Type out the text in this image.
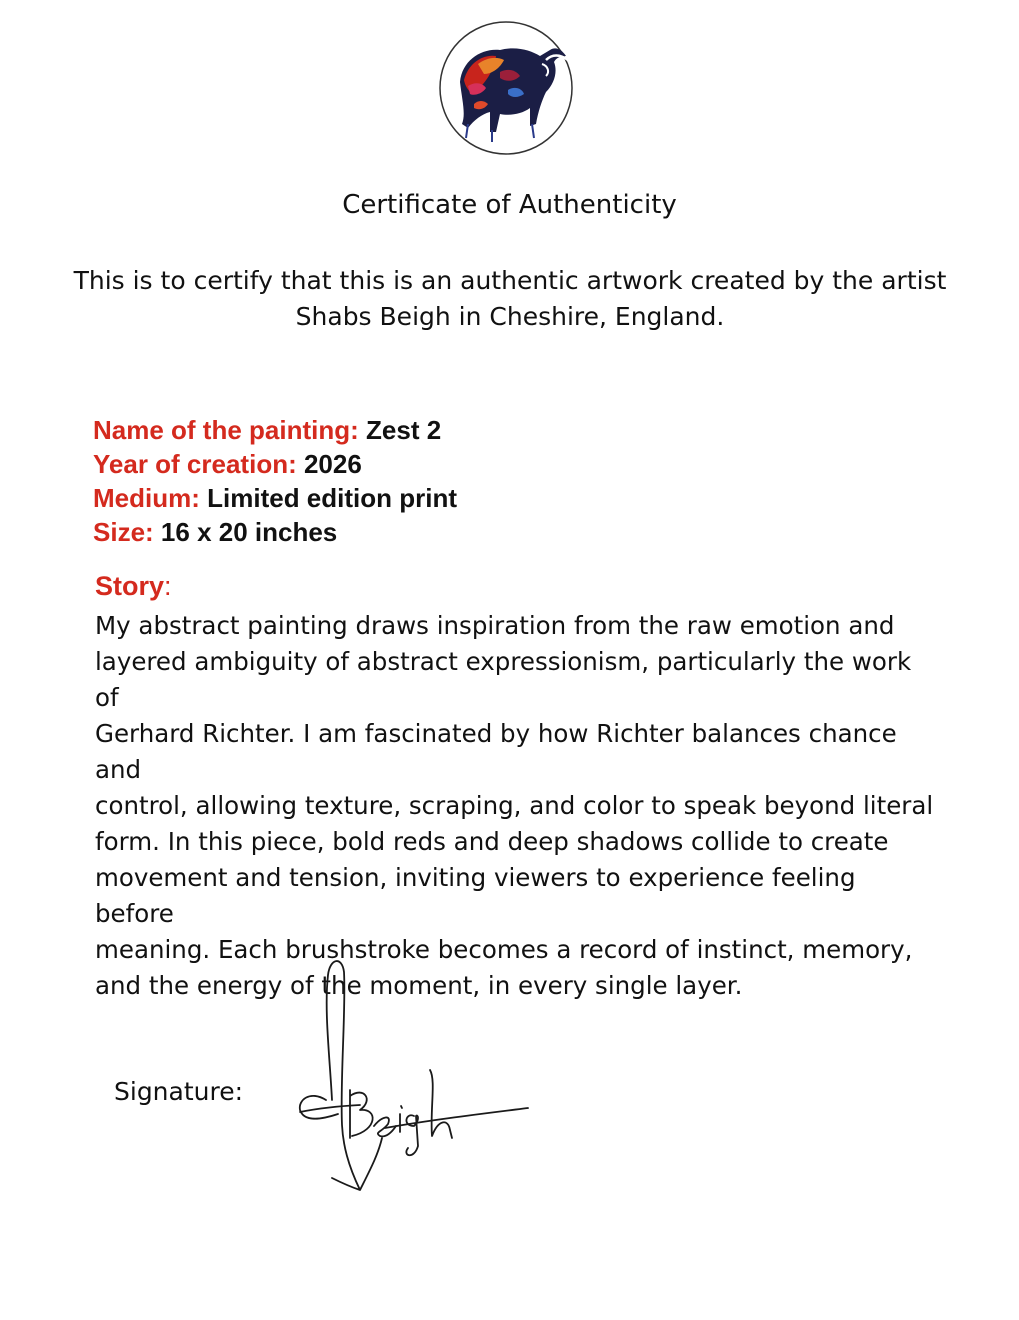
Certificate of Authenticity
This is to certify that this is an authentic artwork created by the artist
Shabs Beigh in Cheshire, England.
Name of the painting: Zest 2
Year of creation: 2026
Medium: Limited edition print
Size: 16 x 20 inches
Story:
My abstract painting draws inspiration from the raw emotion and
layered ambiguity of abstract expressionism, particularly the work of
Gerhard Richter. I am fascinated by how Richter balances chance and
control, allowing texture, scraping, and color to speak beyond literal
form. In this piece, bold reds and deep shadows collide to create
movement and tension, inviting viewers to experience feeling before
meaning. Each brushstroke becomes a record of instinct, memory,
and the energy of the moment, in every single layer.
Signature:
